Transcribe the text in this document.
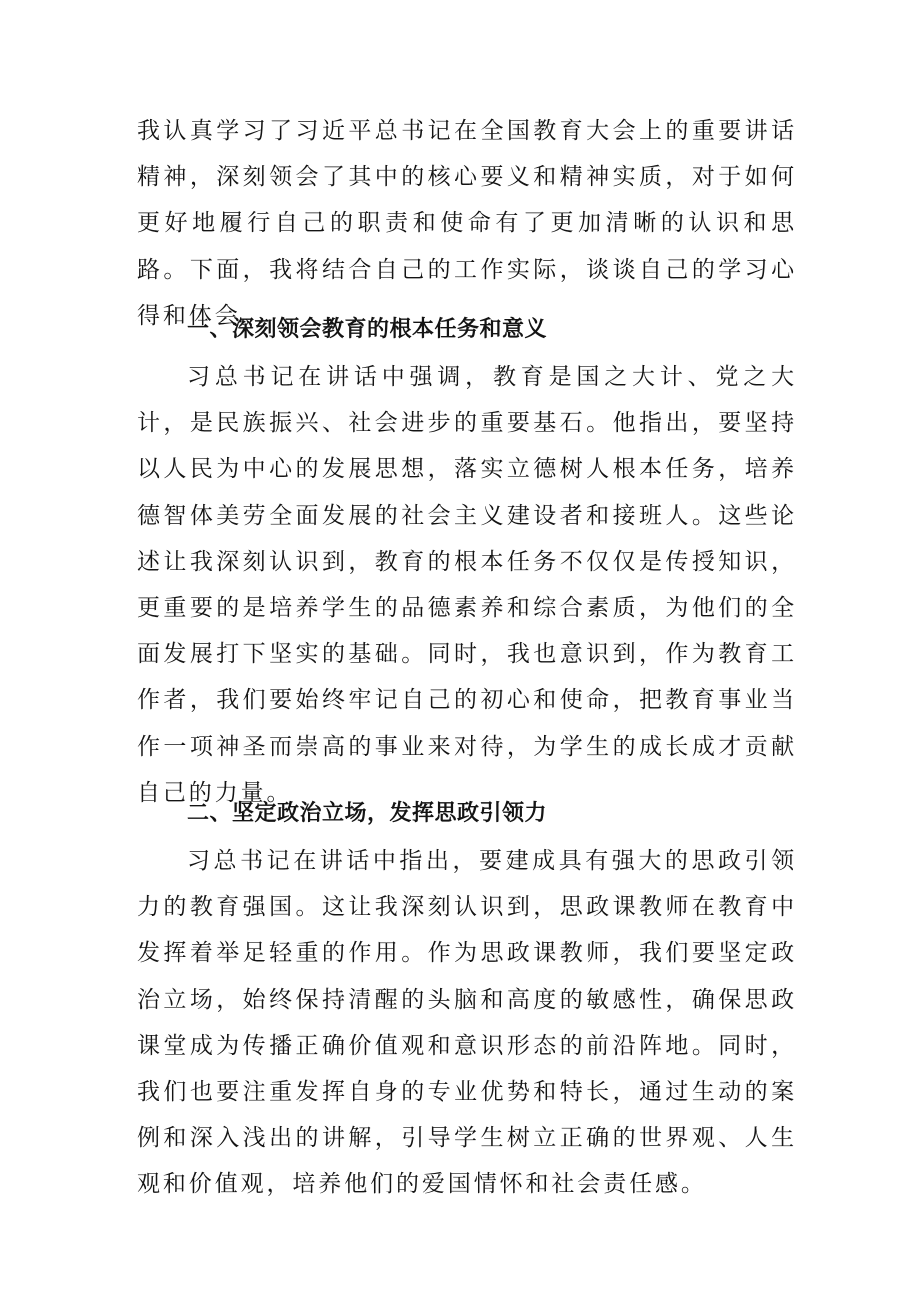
我认真学习了习近平总书记在全国教育大会上的重要讲话精神，深刻领会了其中的核心要义和精神实质，对于如何更好地履行自己的职责和使命有了更加清晰的认识和思路。下面，我将结合自己的工作实际，谈谈自己的学习心得和体会。

一、深刻领会教育的根本任务和意义

习总书记在讲话中强调，教育是国之大计、党之大计，是民族振兴、社会进步的重要基石。他指出，要坚持以人民为中心的发展思想，落实立德树人根本任务，培养德智体美劳全面发展的社会主义建设者和接班人。这些论述让我深刻认识到，教育的根本任务不仅仅是传授知识，更重要的是培养学生的品德素养和综合素质，为他们的全面发展打下坚实的基础。同时，我也意识到，作为教育工作者，我们要始终牢记自己的初心和使命，把教育事业当作一项神圣而崇高的事业来对待，为学生的成长成才贡献自己的力量。

二、坚定政治立场，发挥思政引领力

习总书记在讲话中指出，要建成具有强大的思政引领力的教育强国。这让我深刻认识到，思政课教师在教育中发挥着举足轻重的作用。作为思政课教师，我们要坚定政治立场，始终保持清醒的头脑和高度的敏感性，确保思政课堂成为传播正确价值观和意识形态的前沿阵地。同时，我们也要注重发挥自身的专业优势和特长，通过生动的案例和深入浅出的讲解，引导学生树立正确的世界观、人生观和价值观，培养他们的爱国情怀和社会责任感。
